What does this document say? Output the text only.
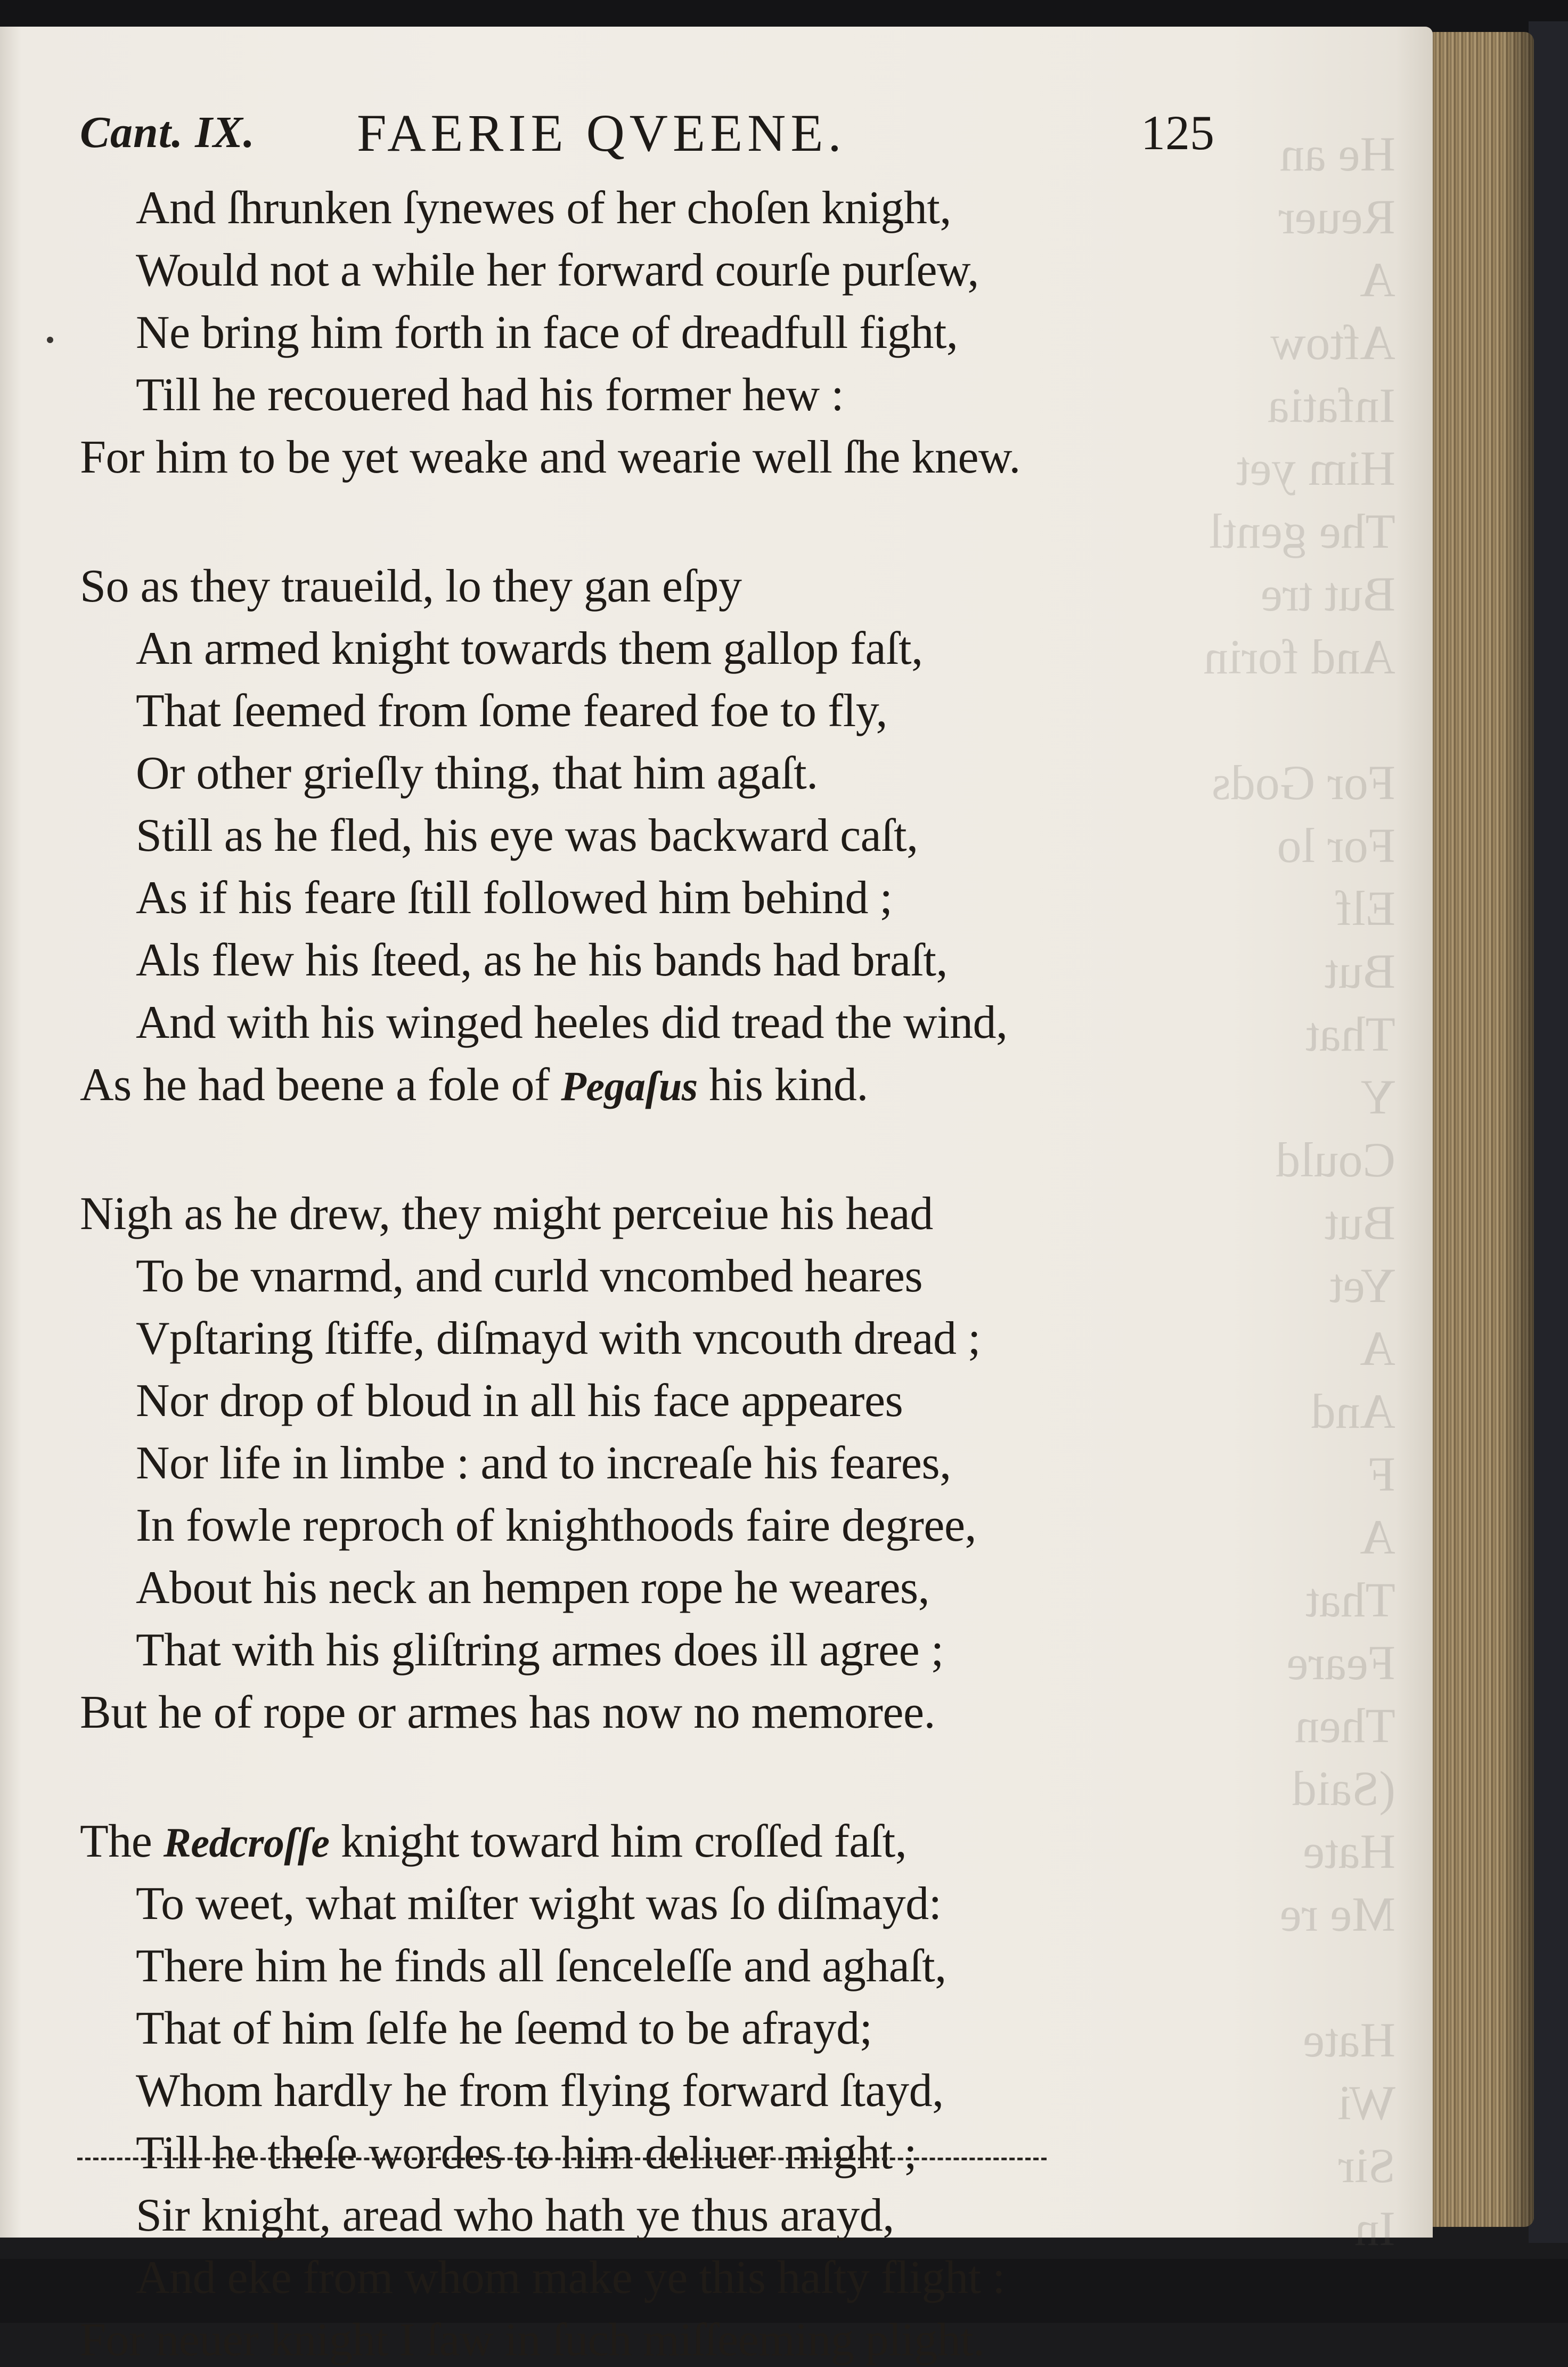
He an
Reuer
A
Aftow
Infatia
Him yet
The gentl
But tre
And forin

For Gods
For lo
Elf
But
That
Y
Could
But
Yet
A
And
F
A
That
Feare
Then
(Said
Hate
Me re

Hate
Wi
Sir
In
Cant. IX. FAERIE QVEENE.	125
And ſhrunken ſynewes of her choſen knight,
Would not a while her forward courſe purſew,
Ne bring him forth in face of dreadfull fight,
Till he recouered had his former hew :
For him to be yet weake and wearie well ſhe knew.
So as they traueild, lo they gan eſpy
An armed knight towards them gallop faſt,
That ſeemed from ſome feared foe to fly,
Or other grieſly thing, that him agaſt.
Still as he fled, his eye was backward caſt,
As if his feare ſtill followed him behind ;
Als flew his ſteed, as he his bands had braſt,
And with his winged heeles did tread the wind,
As he had beene a fole of Pegaſus his kind.
Nigh as he drew, they might perceiue his head
To be vnarmd, and curld vncombed heares
Vpſtaring ſtiffe, diſmayd with vncouth dread ;
Nor drop of bloud in all his face appeares
Nor life in limbe : and to increaſe his feares,
In fowle reproch of knighthoods faire degree,
About his neck an hempen rope he weares,
That with his gliſtring armes does ill agree ;
But he of rope or armes has now no memoree.
The Redcroſſe knight toward him croſſed faſt,
To weet, what miſter wight was ſo diſmayd:
There him he finds all ſenceleſſe and aghaſt,
That of him ſelfe he ſeemd to be afrayd;
Whom hardly he from flying forward ſtayd,
Till he theſe wordes to him deliuer might ;
Sir knight, aread who hath ye thus arayd,
And eke from whom make ye this haſty flight :
For neuer knight I ſaw in ſuch miſſeeming plight.
